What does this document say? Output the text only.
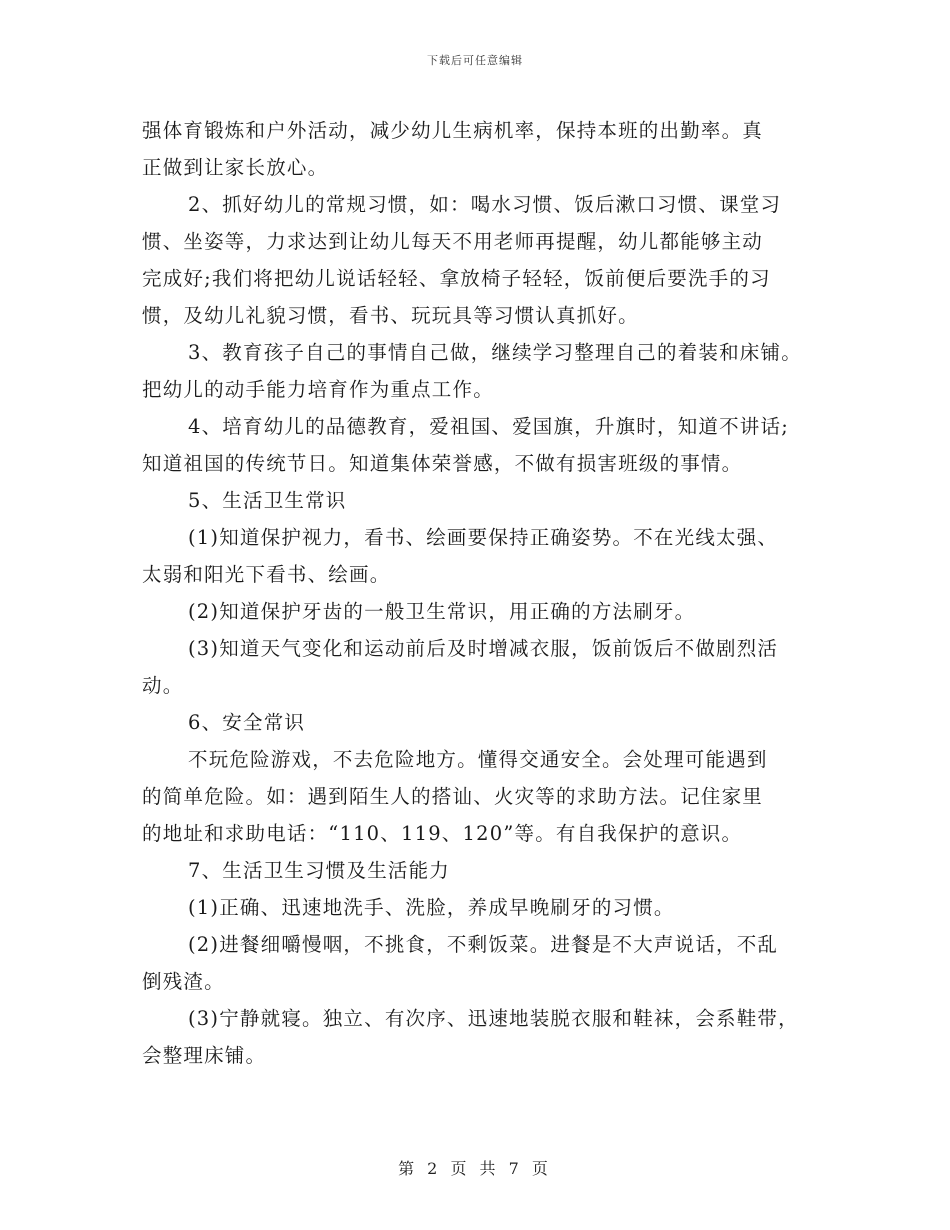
下载后可任意编辑
强体育锻炼和户外活动，减少幼儿生病机率，保持本班的出勤率。真
正做到让家长放心。
2、抓好幼儿的常规习惯，如：喝水习惯、饭后漱口习惯、课堂习
惯、坐姿等，力求达到让幼儿每天不用老师再提醒，幼儿都能够主动
完成好;我们将把幼儿说话轻轻、拿放椅子轻轻，饭前便后要洗手的习
惯，及幼儿礼貌习惯，看书、玩玩具等习惯认真抓好。
3、教育孩子自己的事情自己做，继续学习整理自己的着装和床铺。
把幼儿的动手能力培育作为重点工作。
4、培育幼儿的品德教育，爱祖国、爱国旗，升旗时，知道不讲话;
知道祖国的传统节日。知道集体荣誉感，不做有损害班级的事情。
5、生活卫生常识
(1)知道保护视力，看书、绘画要保持正确姿势。不在光线太强、
太弱和阳光下看书、绘画。
(2)知道保护牙齿的一般卫生常识，用正确的方法刷牙。
(3)知道天气变化和运动前后及时增减衣服，饭前饭后不做剧烈活
动。
6、安全常识
不玩危险游戏，不去危险地方。懂得交通安全。会处理可能遇到
的简单危险。如：遇到陌生人的搭讪、火灾等的求助方法。记住家里
的地址和求助电话：“110、119、120”等。有自我保护的意识。
7、生活卫生习惯及生活能力
(1)正确、迅速地洗手、洗脸，养成早晚刷牙的习惯。
(2)进餐细嚼慢咽，不挑食，不剩饭菜。进餐是不大声说话，不乱
倒残渣。
(3)宁静就寝。独立、有次序、迅速地装脱衣服和鞋袜，会系鞋带，
会整理床铺。
第 2 页 共 7 页
